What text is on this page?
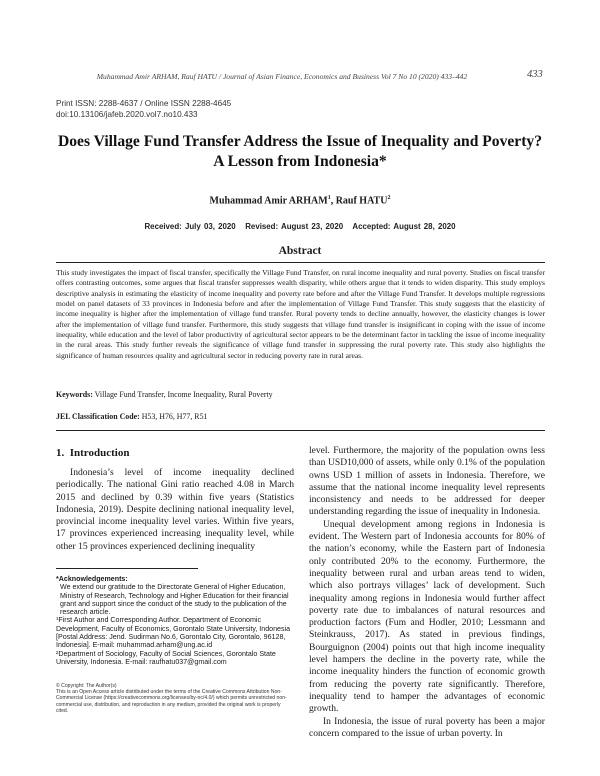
Muhammad Amir ARHAM, Rauf HATU / Journal of Asian Finance, Economics and Business Vol 7 No 10 (2020) 433–442	433
Print ISSN: 2288-4637 / Online ISSN 2288-4645
doi:10.13106/jafeb.2020.vol7.no10.433
Does Village Fund Transfer Address the Issue of Inequality and Poverty?
A Lesson from Indonesia*
Muhammad Amir ARHAM$^1$, Rauf HATU$^2$
Received: July 03, 2020   Revised: August 23, 2020   Accepted: August 28, 2020
Abstract
This study investigates the impact of fiscal transfer, specifically the Village Fund Transfer, on rural income inequality and rural poverty. Studies on fiscal transfer offers contrasting outcomes, some argues that fiscal transfer suppresses wealth disparity, while others argue that it tends to widen disparity. This study employs descriptive analysis in estimating the elasticity of income inequality and poverty rate before and after the Village Fund Transfer. It develops multiple regressions model on panel datasets of 33 provinces in Indonesia before and after the implementation of Village Fund Transfer. This study suggests that the elasticity of income inequality is higher after the implementation of village fund transfer. Rural poverty tends to decline annually, however, the elasticity changes is lower after the implementation of village fund transfer. Furthermore, this study suggests that village fund transfer is insignificant in coping with the issue of income inequality, while education and the level of labor productivity of agricultural sector appears to be the determinant factor in tackling the issue of income inequality in the rural areas. This study further reveals the significance of village fund transfer in suppressing the rural poverty rate. This study also highlights the significance of human resources quality and agricultural sector in reducing poverty rate in rural areas.
Keywords: Village Fund Transfer, Income Inequality, Rural Poverty
JEL Classification Code: H53, H76, H77, R51
1.  Introduction

Indonesia’s level of income inequality declined periodically. The national Gini ratio reached 4.08 in March 2015 and declined by 0.39 within five years (Statistics Indonesia, 2019). Despite declining national inequality level, provincial income inequality level varies. Within five years, 17 provinces experienced increasing inequality level, while other 15 provinces experienced declining inequality

*Acknowledgements:
We extend our gratitude to the Directorate General of Higher Education, Ministry of Research, Technology and Higher Education for their financial grant and support since the conduct of the study to the publication of the research article.
¹First Author and Corresponding Author. Department of Economic Development, Faculty of Economics, Gorontalo State University, Indonesia [Postal Address: Jend. Sudirman No.6, Gorontalo City, Gorontalo, 96128, Indonesia]. E-mail: muhammad.arham@ung.ac.id
²Department of Sociology, Faculty of Social Sciences, Gorontalo State University, Indonesia. E-mail: raufhatu037@gmail.com
© Copyright: The Author(s)
This is an Open Access article distributed under the terms of the Creative Commons Attribution Non-Commercial License (https://creativecommons.org/licenses/by-nc/4.0/) which permits unrestricted non-commercial use, distribution, and reproduction in any medium, provided the original work is properly cited.

level. Furthermore, the majority of the population owns less than USD10,000 of assets, while only 0.1% of the population owns USD 1 million of assets in Indonesia. Therefore, we assume that the national income inequality level represents inconsistency and needs to be addressed for deeper understanding regarding the issue of inequality in Indonesia.

Unequal development among regions in Indonesia is evident. The Western part of Indonesia accounts for 80% of the nation’s economy, while the Eastern part of Indonesia only contributed 20% to the economy. Furthermore, the inequality between rural and urban areas tend to widen, which also portrays villages’ lack of development. Such inequality among regions in Indonesia would further affect poverty rate due to imbalances of natural resources and production factors (Fum and Hodler, 2010; Lessmann and Steinkrauss, 2017). As stated in previous findings, Bourguignon (2004) points out that high income inequality level hampers the decline in the poverty rate, while the income inequality hinders the function of economic growth from reducing the poverty rate significantly. Therefore, inequality tend to hamper the advantages of economic growth.

In Indonesia, the issue of rural poverty has been a major concern compared to the issue of urban poverty. In
